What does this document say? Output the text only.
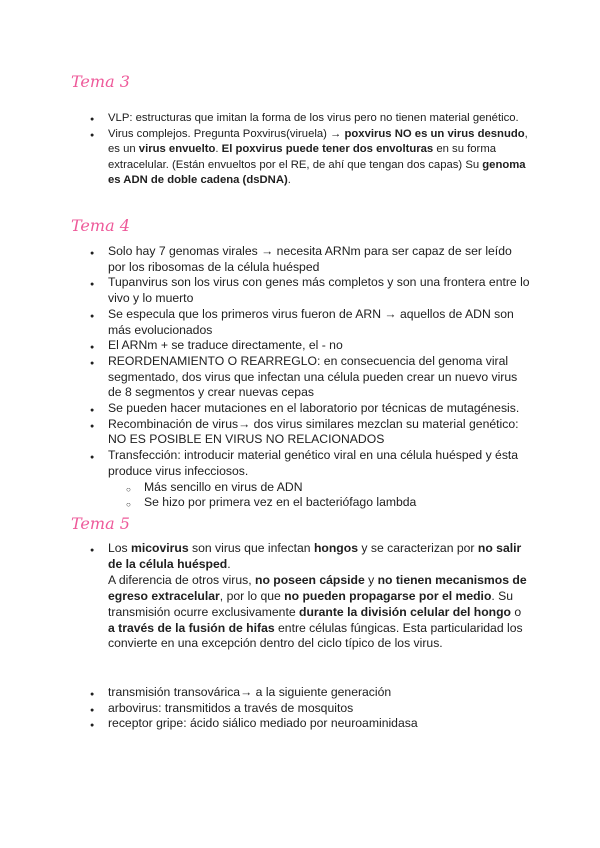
Tema 3
● VLP: estructuras que imitan la forma de los virus pero no tienen material genético.
● Virus complejos. Pregunta Poxvirus(viruela) → poxvirus NO es un virus desnudo, es un virus envuelto. El poxvirus puede tener dos envolturas en su forma extracelular. (Están envueltos por el RE, de ahí que tengan dos capas) Su genoma es ADN de doble cadena (dsDNA).
Tema 4
● Solo hay 7 genomas virales → necesita ARNm para ser capaz de ser leído por los ribosomas de la célula huésped
● Tupanvirus son los virus con genes más completos y son una frontera entre lo vivo y lo muerto
● Se especula que los primeros virus fueron de ARN → aquellos de ADN son más evolucionados
● El ARNm + se traduce directamente, el - no
● REORDENAMIENTO O REARREGLO: en consecuencia del genoma viral segmentado, dos virus que infectan una célula pueden crear un nuevo virus de 8 segmentos y crear nuevas cepas
● Se pueden hacer mutaciones en el laboratorio por técnicas de mutagénesis.
● Recombinación de virus→ dos virus similares mezclan su material genético: NO ES POSIBLE EN VIRUS NO RELACIONADOS
● Transfección: introducir material genético viral en una célula huésped y ésta produce virus infecciosos.
○ Más sencillo en virus de ADN
○ Se hizo por primera vez en el bacteriófago lambda
Tema 5

● Los micovirus son virus que infectan hongos y se caracterizan por no salir de la célula huésped.

A diferencia de otros virus, no poseen cápside y no tienen mecanismos de egreso extracelular, por lo que no pueden propagarse por el medio. Su transmisión ocurre exclusivamente durante la división celular del hongo o a través de la fusión de hifas entre células fúngicas. Esta particularidad los convierte en una excepción dentro del ciclo típico de los virus.

● transmisión transovárica→ a la siguiente generación
● arbovirus: transmitidos a través de mosquitos
● receptor gripe: ácido siálico mediado por neuroaminidasa
